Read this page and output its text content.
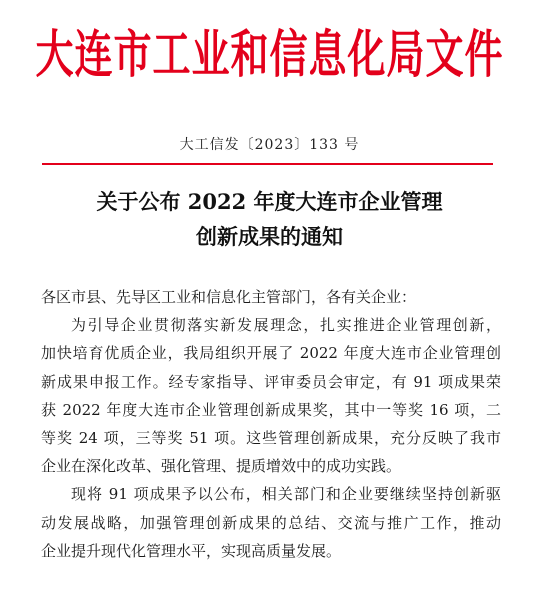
大连市工业和信息化局文件
大工信发〔2023〕133 号
关于公布 2022 年度大连市企业管理
创新成果的通知
各区市县、先导区工业和信息化主管部门，各有关企业：
为引导企业贯彻落实新发展理念，扎实推进企业管理创新，
加快培育优质企业，我局组织开展了 2022 年度大连市企业管理创
新成果申报工作。经专家指导、评审委员会审定，有 91 项成果荣
获 2022 年度大连市企业管理创新成果奖，其中一等奖 16 项，二
等奖 24 项，三等奖 51 项。这些管理创新成果，充分反映了我市
企业在深化改革、强化管理、提质增效中的成功实践。
现将 91 项成果予以公布，相关部门和企业要继续坚持创新驱
动发展战略，加强管理创新成果的总结、交流与推广工作，推动
企业提升现代化管理水平，实现高质量发展。
